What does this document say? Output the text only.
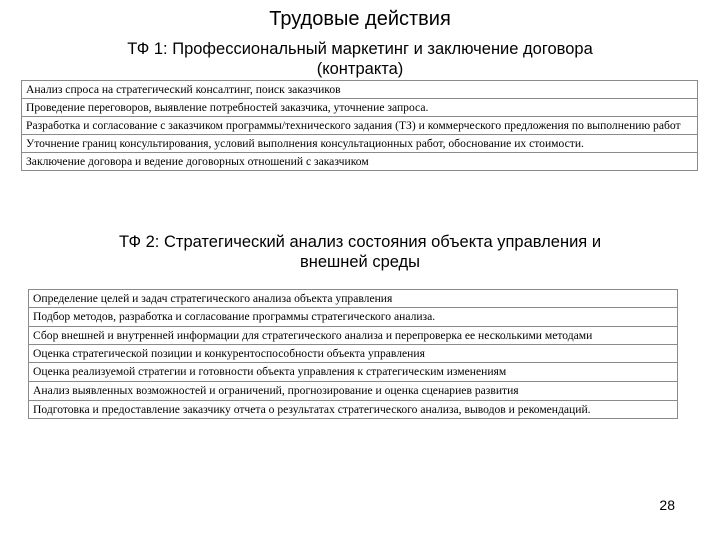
Трудовые действия
ТФ 1: Профессиональный маркетинг и заключение договора
(контракта)
Анализ спроса на стратегический консалтинг, поиск заказчиков
Проведение переговоров, выявление потребностей заказчика, уточнение запроса.
Разработка и согласование с заказчиком программы/технического задания (ТЗ) и коммерческого предложения по выполнению работ
Уточнение границ консультирования, условий выполнения консультационных работ, обоснование их стоимости.
Заключение договора и ведение договорных отношений с заказчиком
ТФ 2: Стратегический анализ состояния объекта управления и
внешней среды
Определение целей и задач стратегического анализа объекта управления
Подбор методов, разработка и согласование программы стратегического анализа.
Сбор внешней и внутренней информации для стратегического анализа и перепроверка ее несколькими методами
Оценка стратегической позиции и конкурентоспособности объекта управления
Оценка реализуемой стратегии и готовности объекта управления к стратегическим изменениям
Анализ выявленных возможностей и ограничений, прогнозирование и оценка сценариев развития
Подготовка и предоставление заказчику отчета о результатах стратегического анализа, выводов и рекомендаций.
28
